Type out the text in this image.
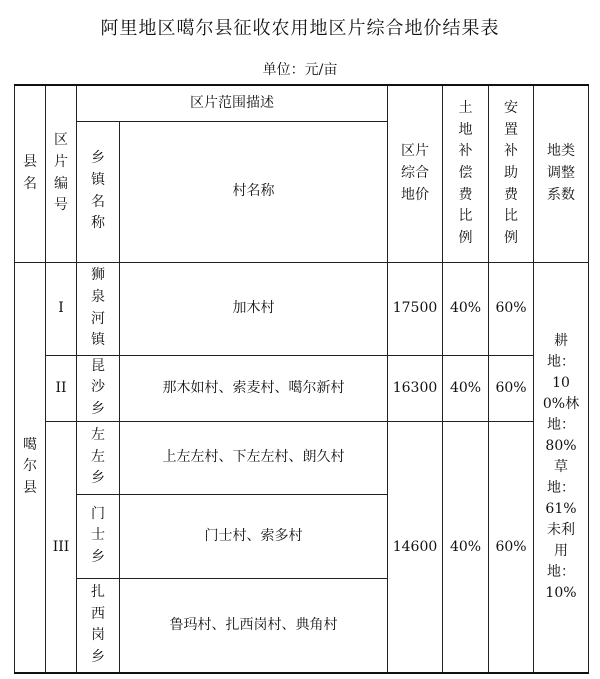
阿里地区噶尔县征收农用地区片综合地价结果表
单位：元/亩
县名	区片编号	区片范围描述		区片综合地价	土地补偿费比例	安置补助费比例	地类调整系数
		乡镇名称	村名称				
噶尔县	I	狮泉河镇	加木村	17500	40%	60%	耕地：100%林地：80%草地：61%未利用地：10%
	II	昆沙乡	那木如村、索麦村、噶尔新村	16300	40%	60%	
	III	左左乡	上左左村、下左左村、朗久村	14600	40%	60%	
		门士乡	门士村、索多村				
		扎西岗乡	鲁玛村、扎西岗村、典角村				
